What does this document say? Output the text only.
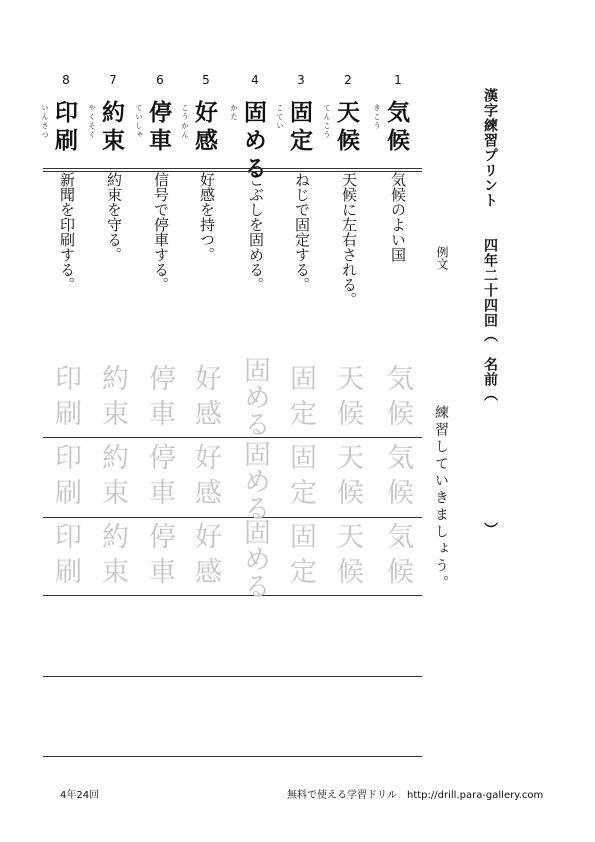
漢字練習プリント四年二十四回（名前（）
例文
練習していきましょう。
1
2
3
4
5
6
7
8
気候
天候
固定
固める
好感
停車
約束
印刷	きこう
てんこう
こてい
かた
こうかん
ていしゃ
やくそく
いんさつ
気候のよい国
天候に左右される。
ねじで固定する。
こぶしを固める。
好感を持つ。
信号で停車する。
約束を守る。
新聞を印刷する。
気候
天候
固定
固める
好感
停車
約束
印刷
気候
天候
固定
固める
好感
停車
約束
印刷
気候
天候
固定
固める
好感
停車
約束
印刷
4年24回	無料で使える学習ドリル http://drill.para-gallery.com
